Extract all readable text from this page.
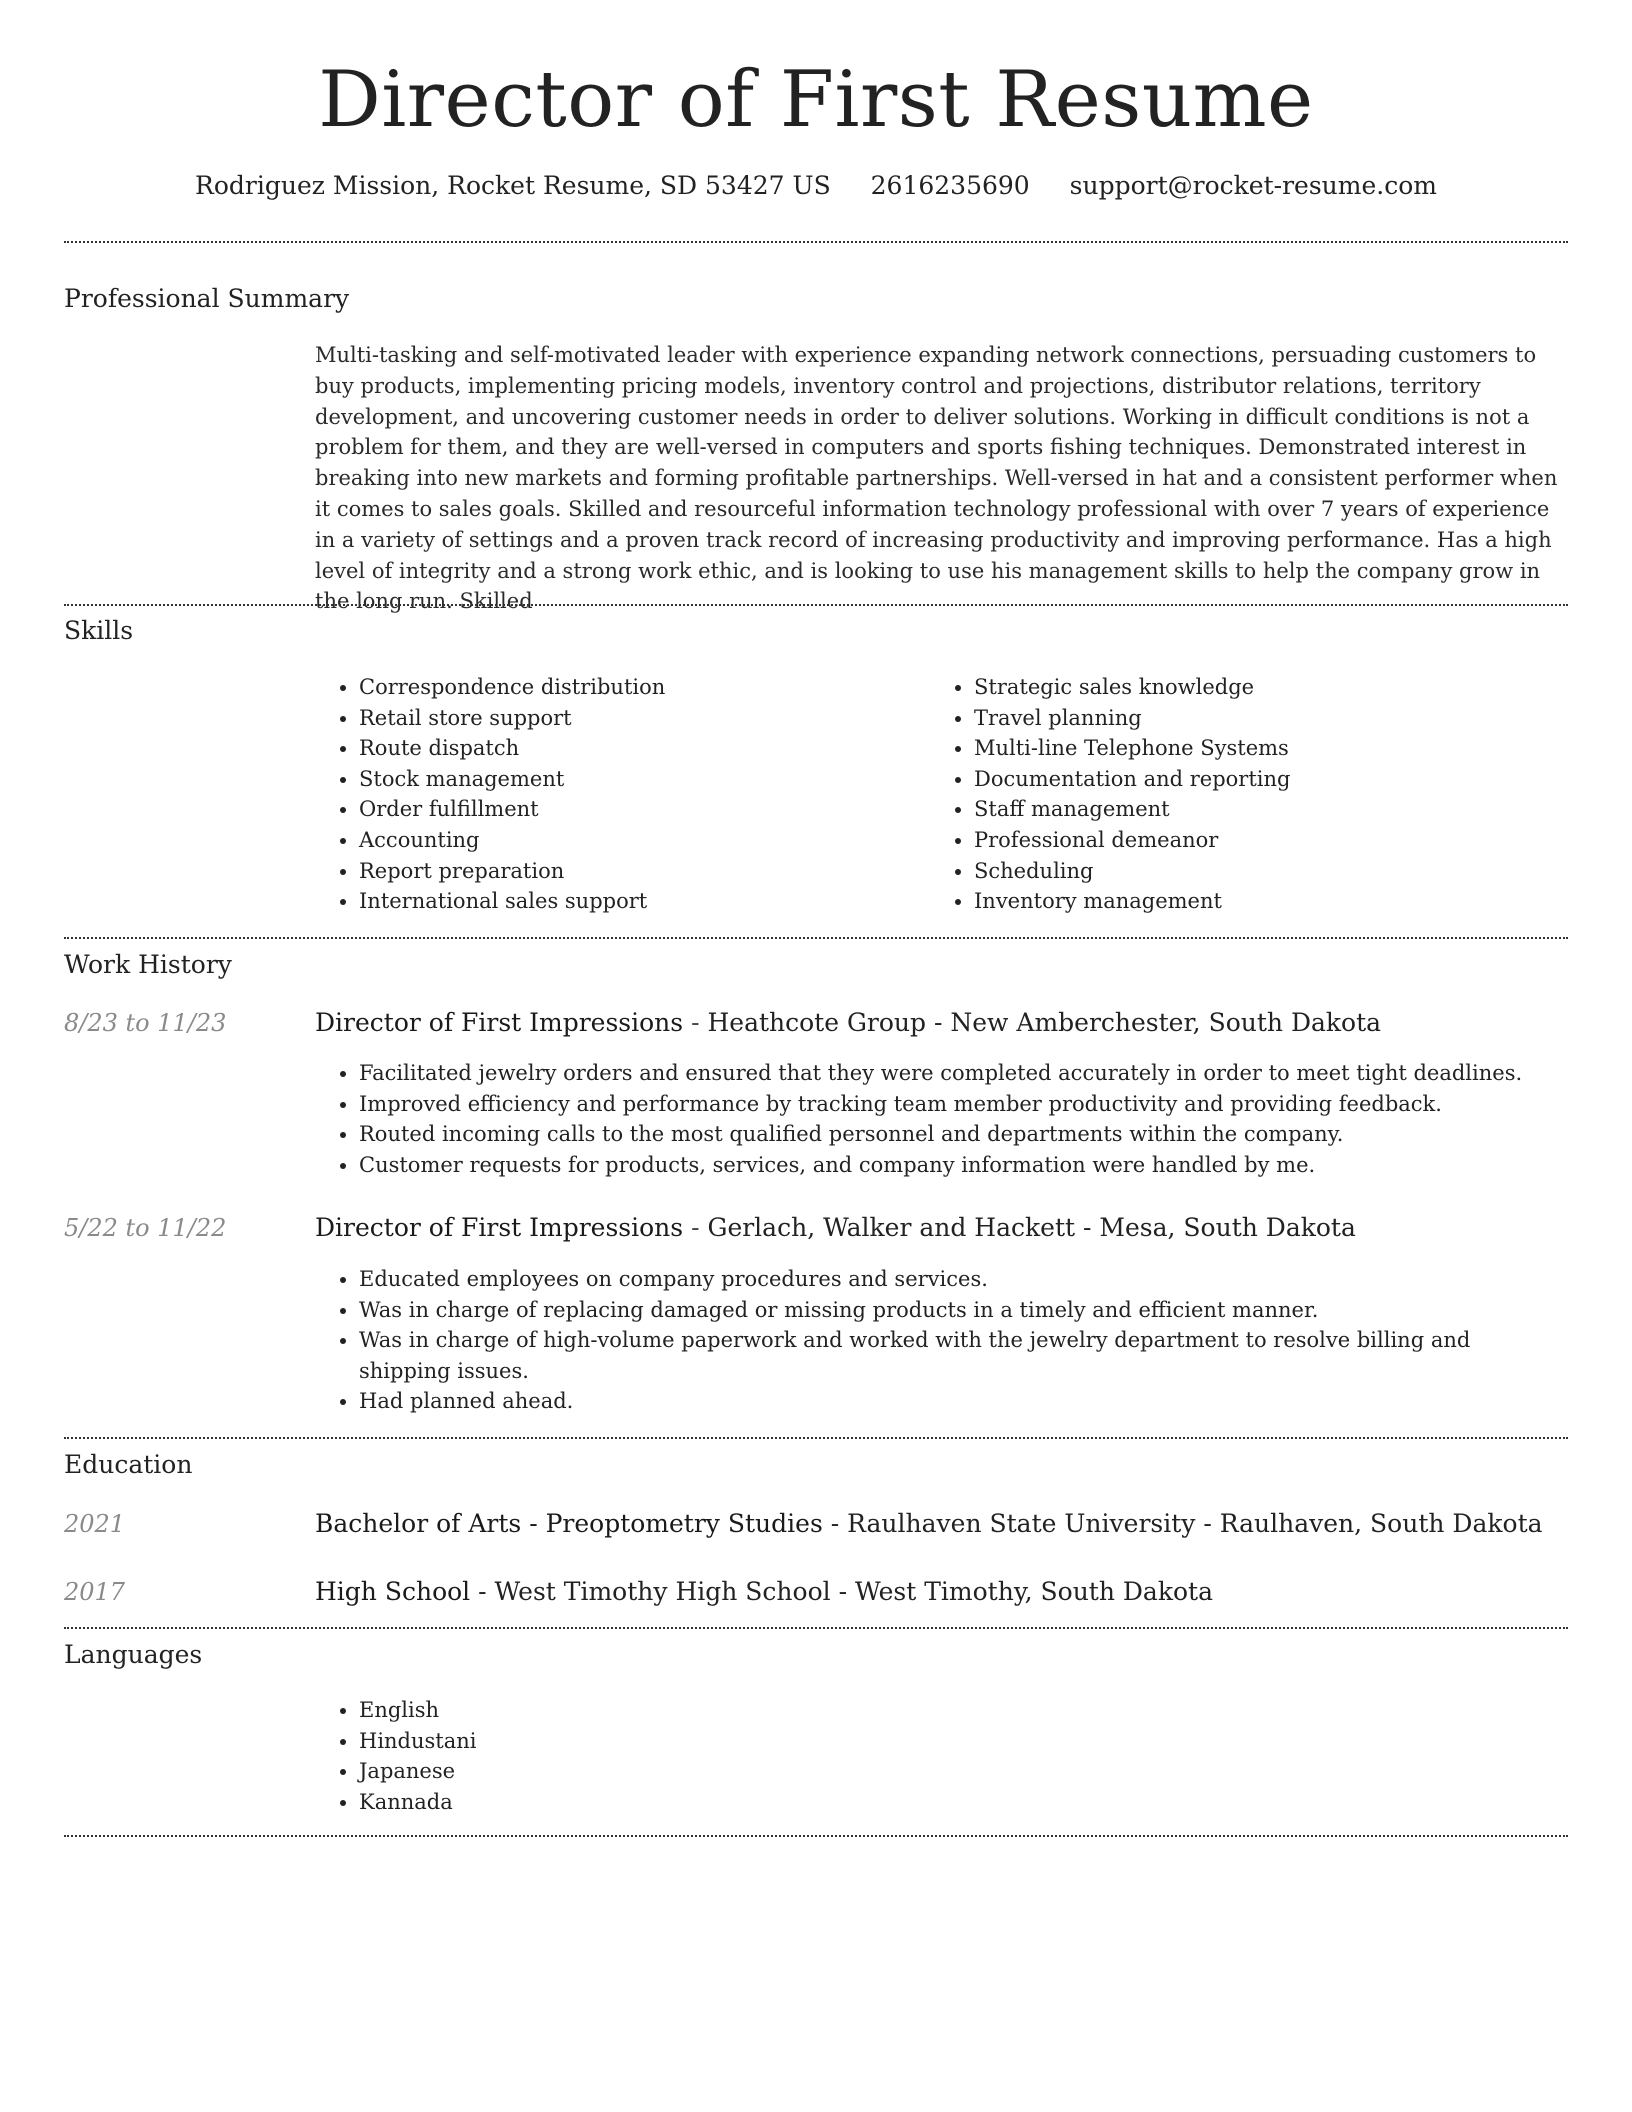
Director of First Resume
Rodriguez Mission, Rocket Resume, SD 53427 US 2616235690 support@rocket-resume.com
Professional Summary

Multi-tasking and self-motivated leader with experience expanding network connections, persuading customers to buy products, implementing pricing models, inventory control and projections, distributor relations, territory development, and uncovering customer needs in order to deliver solutions. Working in difficult conditions is not a problem for them, and they are well-versed in computers and sports fishing techniques. Demonstrated interest in breaking into new markets and forming profitable partnerships. Well-versed in hat and a consistent performer when it comes to sales goals. Skilled and resourceful information technology professional with over 7 years of experience in a variety of settings and a proven track record of increasing productivity and improving performance. Has a high level of integrity and a strong work ethic, and is looking to use his management skills to help the company grow in the long run. Skilled

Skills
• Correspondence distribution
• Retail store support
• Route dispatch
• Stock management
• Order fulfillment
• Accounting
• Report preparation
• International sales support
• Strategic sales knowledge
• Travel planning
• Multi-line Telephone Systems
• Documentation and reporting
• Staff management
• Professional demeanor
• Scheduling
• Inventory management
Work History
8/23 to 11/23	Director of First Impressions - Heathcote Group - New Amberchester, South Dakota
• Facilitated jewelry orders and ensured that they were completed accurately in order to meet tight deadlines.
• Improved efficiency and performance by tracking team member productivity and providing feedback.
• Routed incoming calls to the most qualified personnel and departments within the company.
• Customer requests for products, services, and company information were handled by me.
5/22 to 11/22	Director of First Impressions - Gerlach, Walker and Hackett - Mesa, South Dakota
• Educated employees on company procedures and services.
• Was in charge of replacing damaged or missing products in a timely and efficient manner.
• Was in charge of high-volume paperwork and worked with the jewelry department to resolve billing and shipping issues.
• Had planned ahead.
Education
2021	Bachelor of Arts - Preoptometry Studies - Raulhaven State University - Raulhaven, South Dakota
2017	High School - West Timothy High School - West Timothy, South Dakota
Languages
• English
• Hindustani
• Japanese
• Kannada
